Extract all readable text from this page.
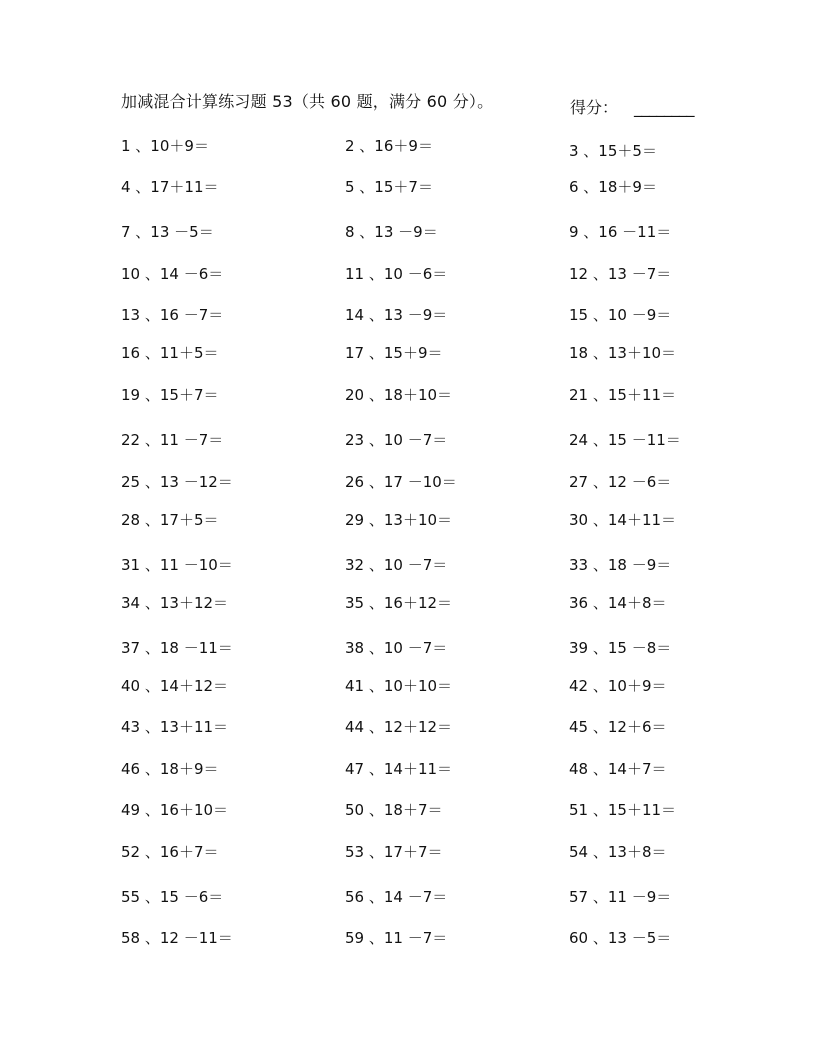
加减混合计算练习题 53（共 60 题，满分 60 分）。	得分： ________
1 、10＋9＝	2 、16＋9＝	3 、15＋5＝
4 、17＋11＝	5 、15＋7＝	6 、18＋9＝
7 、13 －5＝	8 、13 －9＝	9 、16 －11＝
10 、14 －6＝	11 、10 －6＝	12 、13 －7＝
13 、16 －7＝	14 、13 －9＝	15 、10 －9＝
16 、11＋5＝	17 、15＋9＝	18 、13＋10＝
19 、15＋7＝	20 、18＋10＝	21 、15＋11＝
22 、11 －7＝	23 、10 －7＝	24 、15 －11＝
25 、13 －12＝	26 、17 －10＝	27 、12 －6＝
28 、17＋5＝	29 、13＋10＝	30 、14＋11＝
31 、11 －10＝	32 、10 －7＝	33 、18 －9＝
34 、13＋12＝	35 、16＋12＝	36 、14＋8＝
37 、18 －11＝	38 、10 －7＝	39 、15 －8＝
40 、14＋12＝	41 、10＋10＝	42 、10＋9＝
43 、13＋11＝	44 、12＋12＝	45 、12＋6＝
46 、18＋9＝	47 、14＋11＝	48 、14＋7＝
49 、16＋10＝	50 、18＋7＝	51 、15＋11＝
52 、16＋7＝	53 、17＋7＝	54 、13＋8＝
55 、15 －6＝	56 、14 －7＝	57 、11 －9＝
58 、12 －11＝	59 、11 －7＝	60 、13 －5＝
